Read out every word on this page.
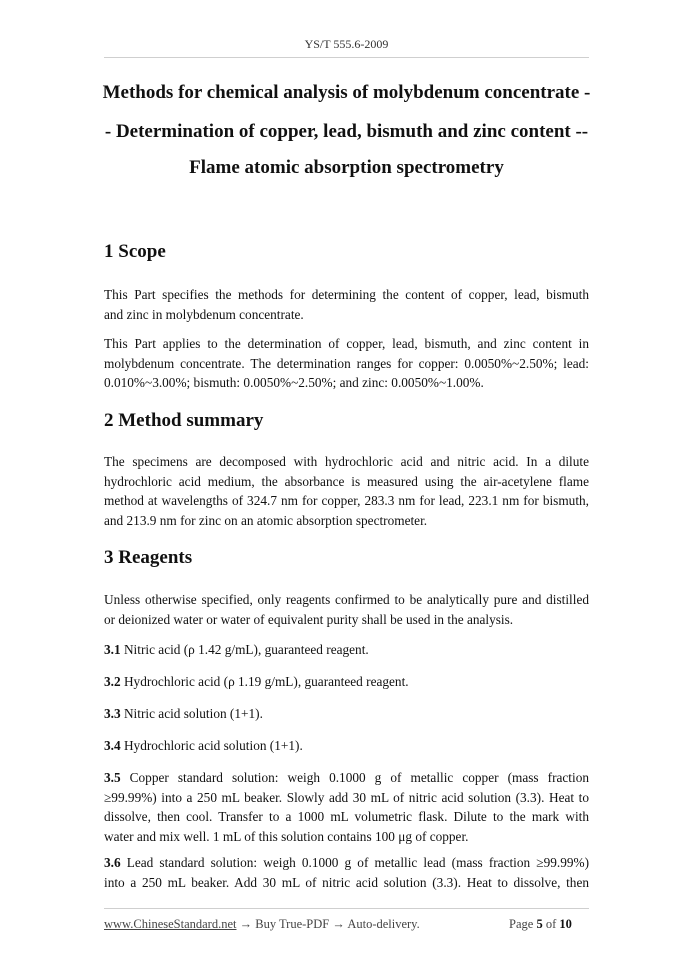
YS/T 555.6-2009
Methods for chemical analysis of molybdenum concentrate -
- Determination of copper, lead, bismuth and zinc content --
Flame atomic absorption spectrometry
1 Scope
This Part specifies the methods for determining the content of copper, lead, bismuth
and zinc in molybdenum concentrate.
This Part applies to the determination of copper, lead, bismuth, and zinc content in
molybdenum concentrate. The determination ranges for copper: 0.0050%~2.50%; lead:
0.010%~3.00%; bismuth: 0.0050%~2.50%; and zinc: 0.0050%~1.00%.
2 Method summary
The specimens are decomposed with hydrochloric acid and nitric acid. In a dilute
hydrochloric acid medium, the absorbance is measured using the air-acetylene flame
method at wavelengths of 324.7 nm for copper, 283.3 nm for lead, 223.1 nm for bismuth,
and 213.9 nm for zinc on an atomic absorption spectrometer.
3 Reagents
Unless otherwise specified, only reagents confirmed to be analytically pure and distilled
or deionized water or water of equivalent purity shall be used in the analysis.
3.1 Nitric acid (ρ 1.42 g/mL), guaranteed reagent.
3.2 Hydrochloric acid (ρ 1.19 g/mL), guaranteed reagent.
3.3 Nitric acid solution (1+1).
3.4 Hydrochloric acid solution (1+1).
3.5 Copper standard solution: weigh 0.1000 g of metallic copper (mass fraction
≥99.99%) into a 250 mL beaker. Slowly add 30 mL of nitric acid solution (3.3). Heat to
dissolve, then cool. Transfer to a 1000 mL volumetric flask. Dilute to the mark with
water and mix well. 1 mL of this solution contains 100 μg of copper.
3.6 Lead standard solution: weigh 0.1000 g of metallic lead (mass fraction ≥99.99%)
into a 250 mL beaker. Add 30 mL of nitric acid solution (3.3). Heat to dissolve, then
www.ChineseStandard.net → Buy True-PDF → Auto-delivery.	Page 5 of 10
